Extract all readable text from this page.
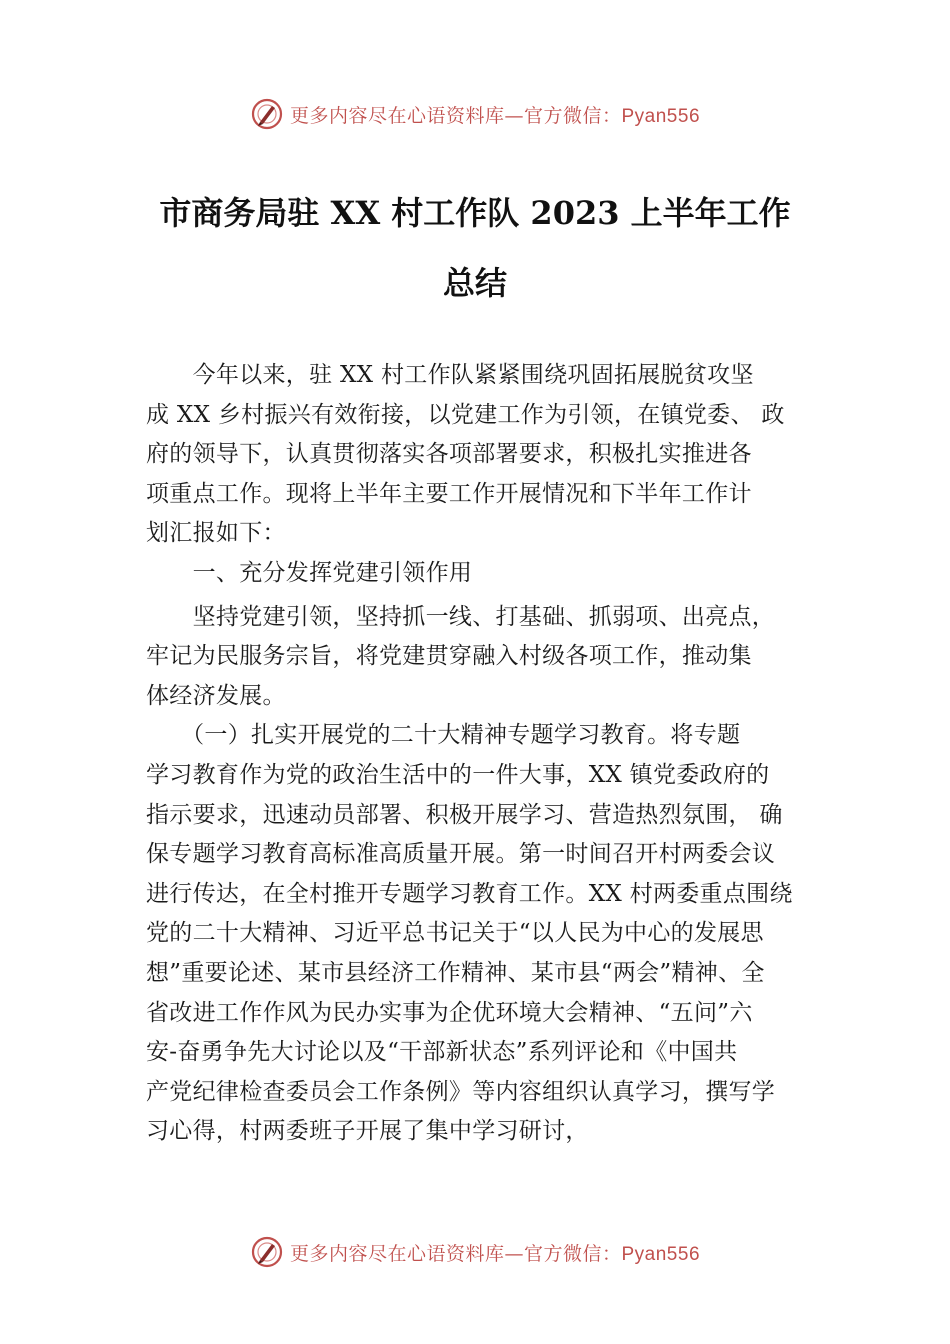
更多内容尽在心语资料库—官方微信：Pyan556
市商务局驻 XX 村工作队 2023 上半年工作
总结
　　今年以来，驻 XX 村工作队紧紧围绕巩固拓展脱贫攻坚
成 XX 乡村振兴有效衔接，以党建工作为引领，在镇党委、 政
府的领导下，认真贯彻落实各项部署要求，积极扎实推进各
项重点工作。现将上半年主要工作开展情况和下半年工作计
划汇报如下：
　　一、充分发挥党建引领作用
　　坚持党建引领，坚持抓一线、打基础、抓弱项、出亮点，
牢记为民服务宗旨，将党建贯穿融入村级各项工作，推动集
体经济发展。
　　（一）扎实开展党的二十大精神专题学习教育。将专题
学习教育作为党的政治生活中的一件大事，XX 镇党委政府的
指示要求，迅速动员部署、积极开展学习、营造热烈氛围， 确
保专题学习教育高标准高质量开展。第一时间召开村两委会议
进行传达，在全村推开专题学习教育工作。XX 村两委重点围绕
党的二十大精神、习近平总书记关于“以人民为中心的发展思
想”重要论述、某市县经济工作精神、某市县“两会”精神、全
省改进工作作风为民办实事为企优环境大会精神、“五问”六
安-奋勇争先大讨论以及“干部新状态”系列评论和《中国共
产党纪律检查委员会工作条例》等内容组织认真学习，撰写学
习心得，村两委班子开展了集中学习研讨，
更多内容尽在心语资料库—官方微信：Pyan556
